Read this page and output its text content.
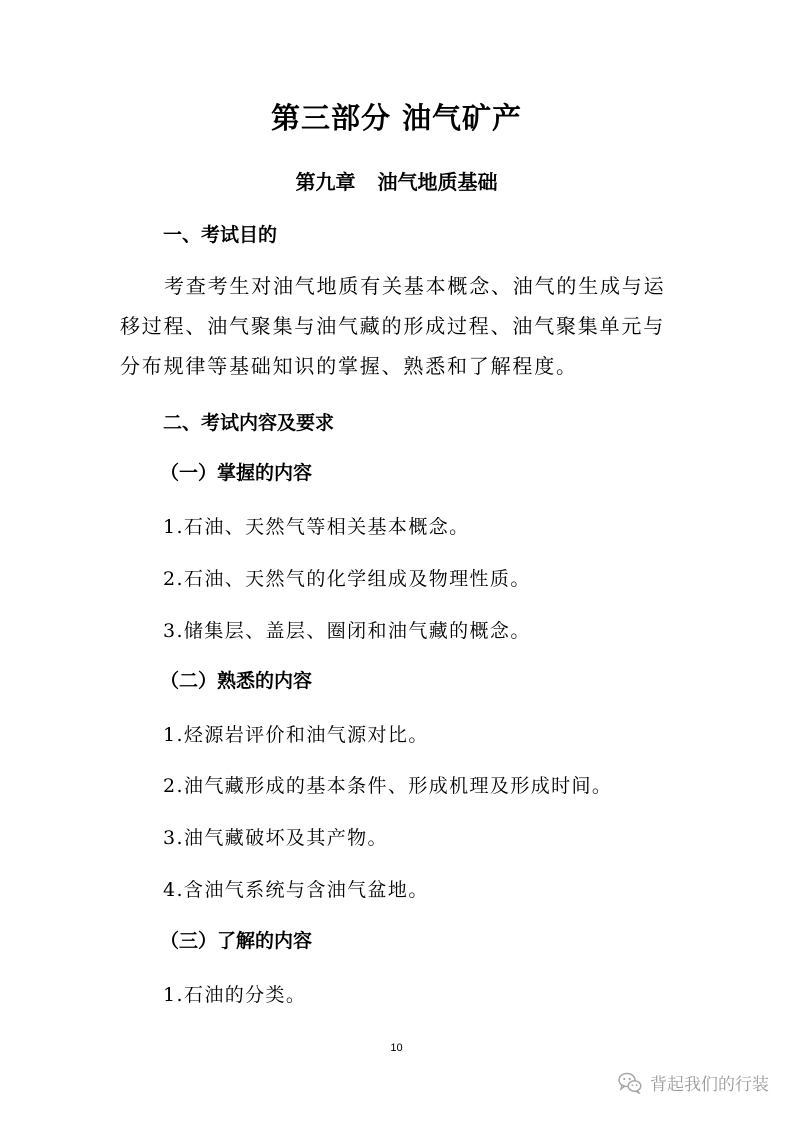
第三部分 油气矿产
第九章 油气地质基础
一、考试目的

考查考生对油气地质有关基本概念、油气的生成与运移过程、油气聚集与油气藏的形成过程、油气聚集单元与分布规律等基础知识的掌握、熟悉和了解程度。

二、考试内容及要求
（一）掌握的内容

1.石油、天然气等相关基本概念。

2.石油、天然气的化学组成及物理性质。

3.储集层、盖层、圈闭和油气藏的概念。

（二）熟悉的内容

1.烃源岩评价和油气源对比。

2.油气藏形成的基本条件、形成机理及形成时间。

3.油气藏破坏及其产物。

4.含油气系统与含油气盆地。

（三）了解的内容

1.石油的分类。

10
背起我们的行装
